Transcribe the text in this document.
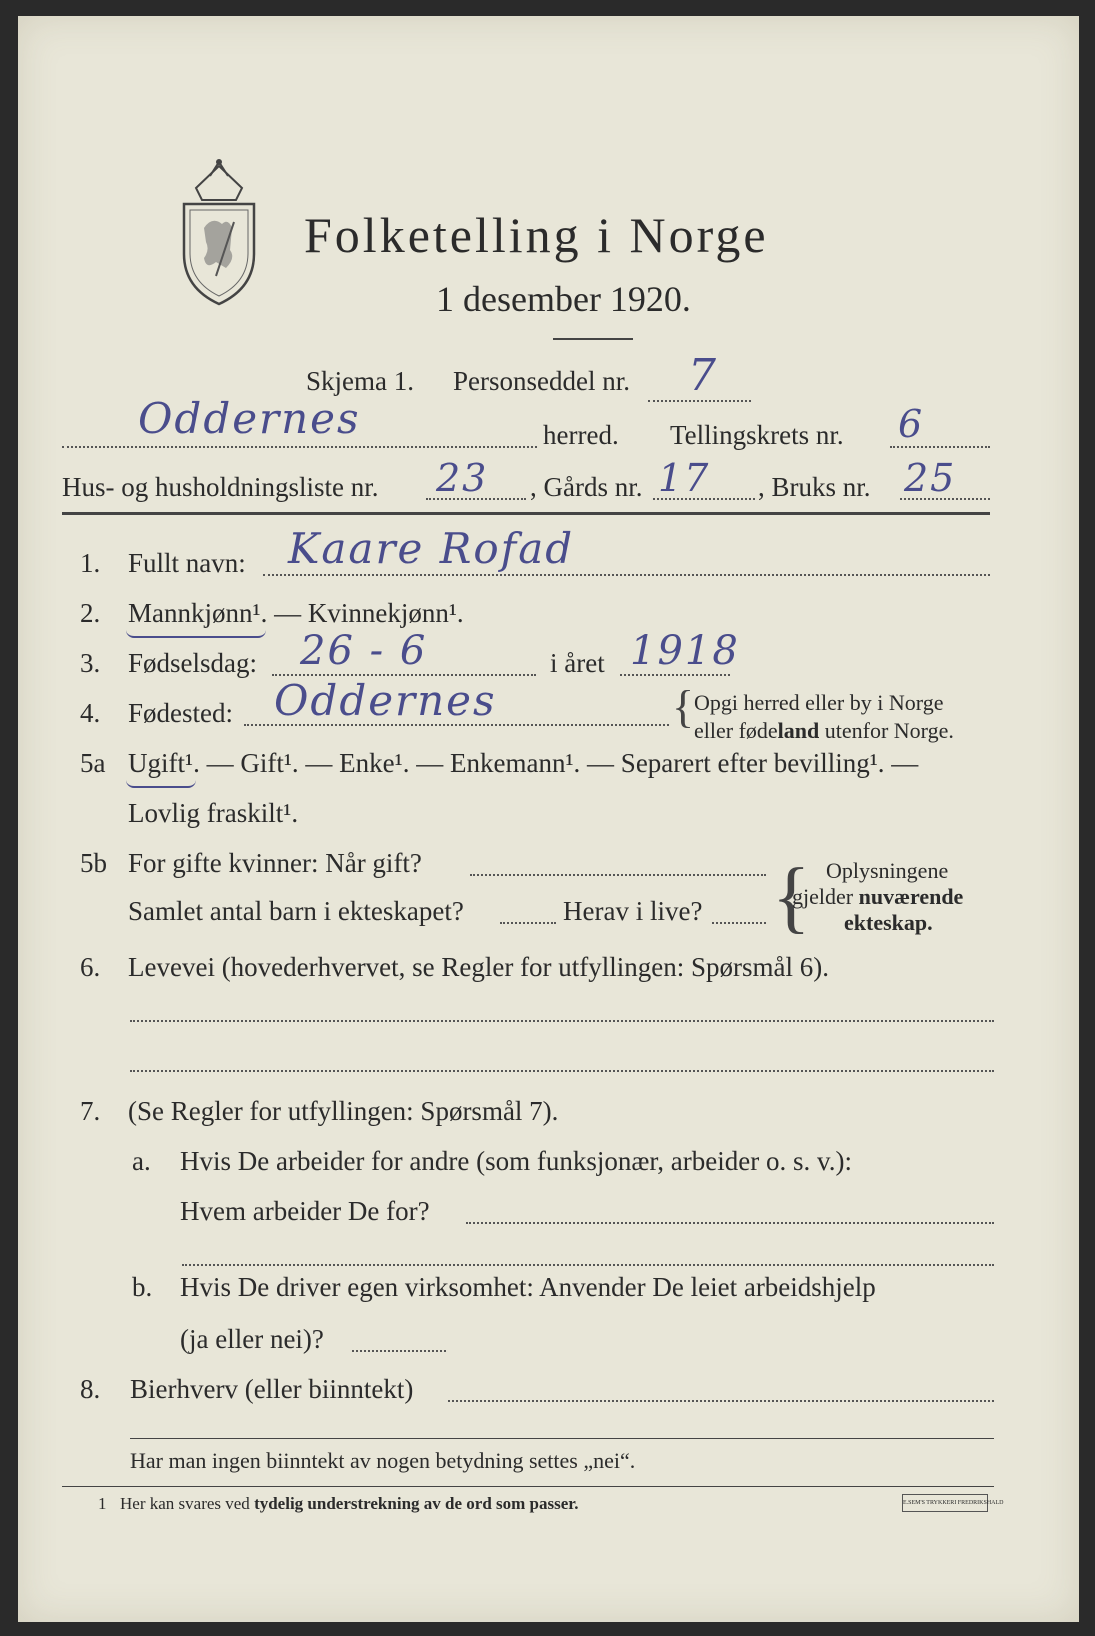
Folketelling i Norge
1 desember 1920.
Skjema 1. Personseddel nr. 7
Oddernes	herred. Tellingskrets nr. 6
Hus- og husholdningsliste nr. 23 , Gårds nr. 17 , Bruks nr. 25
1. Fullt navn: Kaare Rofad
2. Mannkjønn¹. — Kvinnekjønn¹.
3. Fødselsdag: 26 - 6	i året 1918
4. Fødested: Oddernes	{ Opgi herred eller by i Norge
eller fødeland utenfor Norge.
5a Ugift¹. — Gift¹. — Enke¹. — Enkemann¹. — Separert efter bevilling¹. —
Lovlig fraskilt¹.
5b For gifte kvinner: Når gift?
Samlet antal barn i ekteskapet?	Herav i live? { Oplysningene
gjelder nuværende
ekteskap.
6. Levevei (hovederhvervet, se Regler for utfyllingen: Spørsmål 6).
7. (Se Regler for utfyllingen: Spørsmål 7).
a. Hvis De arbeider for andre (som funksjonær, arbeider o. s. v.):
Hvem arbeider De for?
b. Hvis De driver egen virksomhet: Anvender De leiet arbeidshjelp
(ja eller nei)?
8. Bierhverv (eller biinntekt)
Har man ingen biinntekt av nogen betydning settes „nei“.
1 Her kan svares ved tydelig understrekning av de ord som passer.	E.SEM'S TRYKKERI FREDRIKSHALD
